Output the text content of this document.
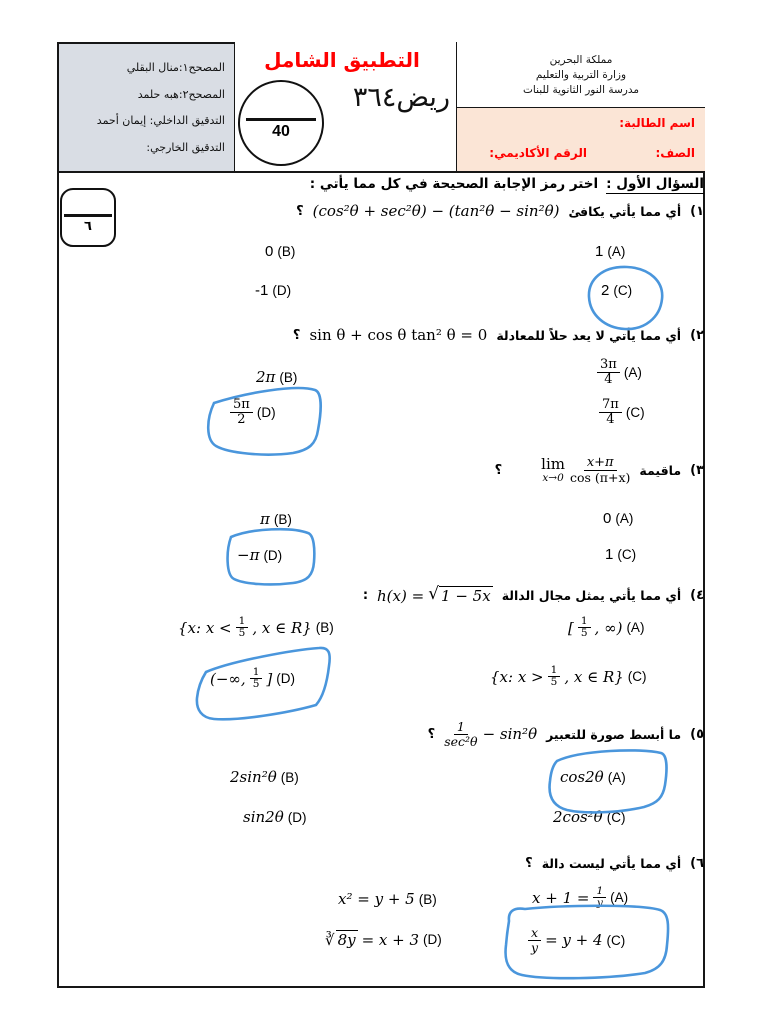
المصحح١:منال البقلي
المصحح٢:هبه حلمد
التدقيق الداخلي: إيمان أحمد
التدقيق الخارجي:
التطبيق الشامل
ريض٣٦٤
40
مملكة البحرين
وزارة التربية والتعليم
مدرسة النور الثانوية للبنات
اسم الطالبة:
الصف:
الرقم الأكاديمي:
٦
السؤال الأول :
اختر رمز الإجابة الصحيحة في كل مما يأتي :
١)
أي مما يأتي يكافئ
(cos²θ + sec²θ) − (tan²θ − sin²θ)
؟
1 (A)
0 (B)
2 (C)
-1 (D)
٢)
أي مما يأتي لا يعد حلاً للمعادلة
sin θ + cos θ tan² θ = 0
؟
$\frac{3\pi}{4} (A)$
2π (B)
$\frac{7\pi}{4} (C)$
$\frac{5\pi}{2} (D)$
٣)
ماقيمة
lim
$x\to 0 \frac{x+\pi}{\cos (\pi+x)}$
؟
0 (A)
π (B)
1 (C)
−π (D)
٤)
أي مما يأتي يمثل مجال الدالة
h(x) = √ 1 − 5x
:
[ $\frac{1}{5}$ , ∞) (A)
{x: $x < \frac{1}{5}$ , x ∈ R} (B)
{x: $x > \frac{1}{5}$ , x ∈ R} (C)
(−∞, $\frac{1}{5}$ ] (D)
٥)
ما أبسط صورة للتعبير
$\frac{1}{\text{sec²θ}} - \sin^2\theta$
؟
cos2θ (A)
2sin²θ (B)
2cos²θ (C)
sin2θ (D)
٦)
أي مما يأتي ليست دالة
؟
$x + 1 = \frac{1}{y} (A)$
x² = y + 5 (B)
$\frac{x}{y} = y + 4$ (C)
∛ 8y = x + 3 (D)
